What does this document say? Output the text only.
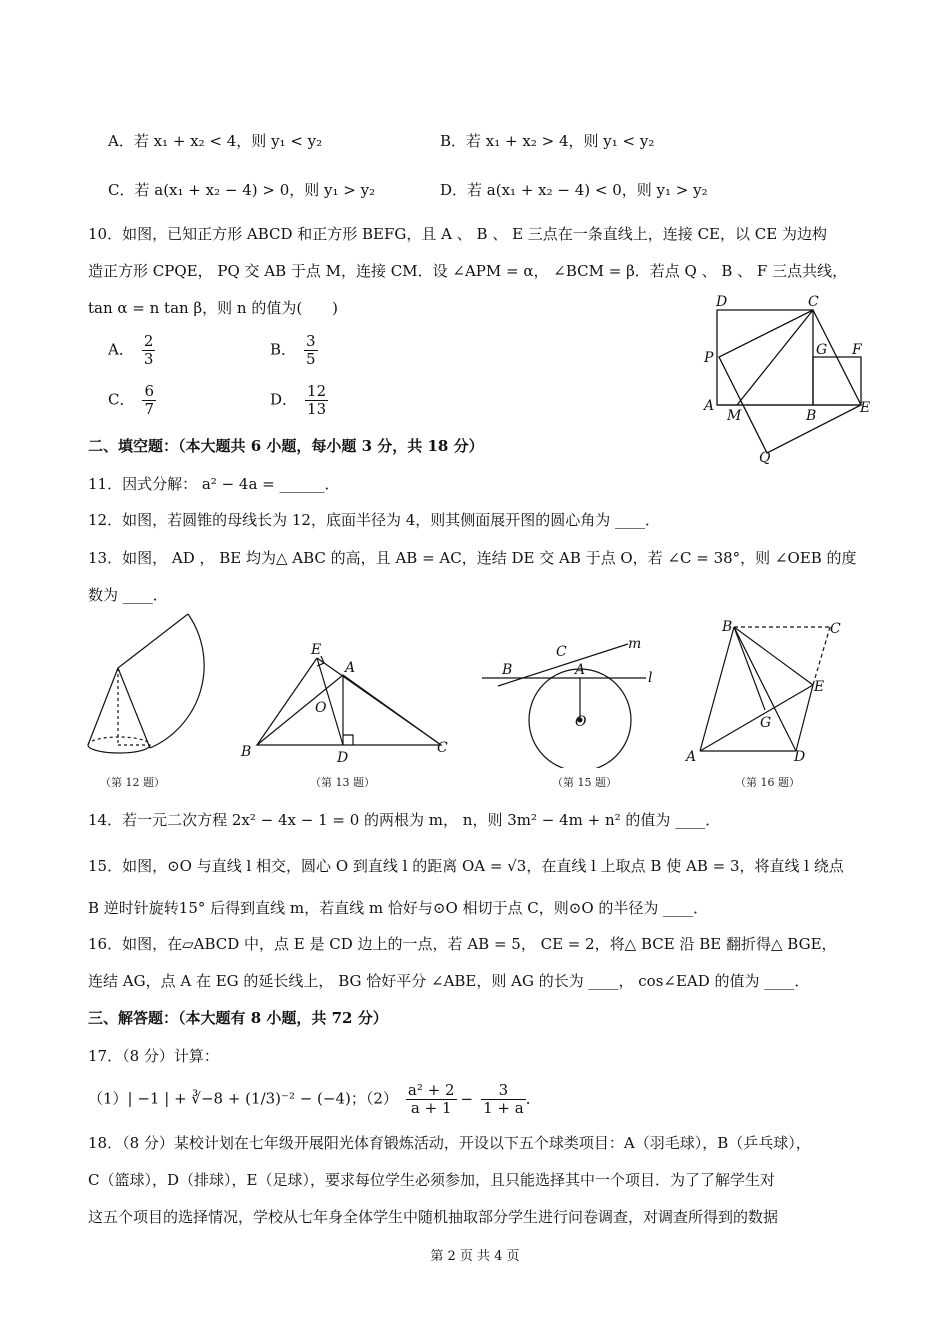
A．若 x₁ + x₂ < 4，则 y₁ < y₂	B．若 x₁ + x₂ > 4，则 y₁ < y₂
C．若 a(x₁ + x₂ − 4) > 0，则 y₁ > y₂	D．若 a(x₁ + x₂ − 4) < 0，则 y₁ > y₂
10．如图，已知正方形 ABCD 和正方形 BEFG，且 A 、 B 、 E 三点在一条直线上，连接 CE，以 CE 为边构
造正方形 CPQE， PQ 交 AB 于点 M，连接 CM．设 ∠APM = α， ∠BCM = β．若点 Q 、 B 、 F 三点共线，
tan α = n tan β，则 n 的值为(　　)
A． $\frac{2}{3}$	B． $\frac{3}{5}$
C． $\frac{6}{7}$	D． $\frac{12}{13}$
D	C
P	G F
A
M	B	E
Q
二、填空题：（本大题共 6 小题，每小题 3 分，共 18 分）
11．因式分解： a² − 4a = ______．
12．如图，若圆锥的母线长为 12，底面半径为 4，则其侧面展开图的圆心角为 ____．
13．如图， AD ， BE 均为△ ABC 的高，且 AB = AC，连结 DE 交 AB 于点 O，若 ∠C = 38°，则 ∠OEB 的度
数为 ____．
（第 12 题）
E
A
O
B	D
C
（第 13 题）
C	m
B	A	l
O
（第 15 题）
B	C
E
G
A	D
（第 16 题）
14．若一元二次方程 2x² − 4x − 1 = 0 的两根为 m， n，则 3m² − 4m + n² 的值为 ____．
15．如图，⊙O 与直线 l 相交，圆心 O 到直线 l 的距离 OA = √3，在直线 l 上取点 B 使 AB = 3，将直线 l 绕点
B 逆时针旋转15° 后得到直线 m，若直线 m 恰好与⊙O 相切于点 C，则⊙O 的半径为 ____．
16．如图，在▱ABCD 中，点 E 是 CD 边上的一点，若 AB = 5， CE = 2，将△ BCE 沿 BE 翻折得△ BGE，
连结 AG，点 A 在 EG 的延长线上， BG 恰好平分 ∠ABE，则 AG 的长为 ____， cos∠EAD 的值为 ____．
三、解答题：（本大题有 8 小题，共 72 分）
17．（8 分）计算：
（1）| −1 | + ∛−8 + (1/3)⁻² − (−4)；$(2) \frac{\text{a² + 2}}{a + 1} - \frac{3}{1 + a}$ ．
18．（8 分）某校计划在七年级开展阳光体育锻炼活动，开设以下五个球类项目：A（羽毛球），B（乒乓球），
C（篮球），D（排球），E（足球），要求每位学生必须参加，且只能选择其中一个项目．为了了解学生对
这五个项目的选择情况，学校从七年身全体学生中随机抽取部分学生进行问卷调查，对调查所得到的数据
第 2 页 共 4 页
